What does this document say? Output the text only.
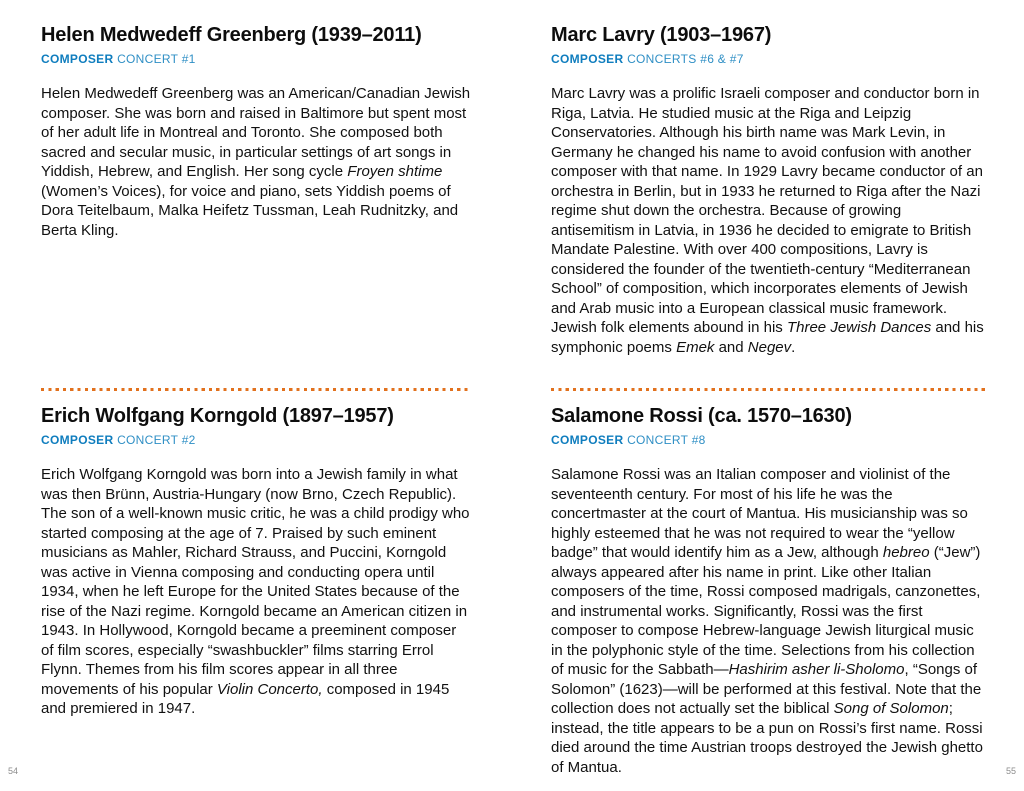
Helen Medwedeff Greenberg (1939–2011)
COMPOSER CONCERT #1

Helen Medwedeff Greenberg was an American/Canadian Jewish composer. She was born and raised in Baltimore but spent most of her adult life in Montreal and Toronto. She composed both sacred and secular music, in particular settings of art songs in Yiddish, Hebrew, and English. Her song cycle Froyen shtime (Women’s Voices), for voice and piano, sets Yiddish poems of Dora Teitelbaum, Malka Heifetz Tussman, Leah Rudnitzky, and Berta Kling.

Erich Wolfgang Korngold (1897–1957)
COMPOSER CONCERT #2

Erich Wolfgang Korngold was born into a Jewish family in what was then Brünn, Austria-Hungary (now Brno, Czech Republic). The son of a well-known music critic, he was a child prodigy who started composing at the age of 7. Praised by such eminent musicians as Mahler, Richard Strauss, and Puccini, Korngold was active in Vienna composing and conducting opera until 1934, when he left Europe for the United States because of the rise of the Nazi regime. Korngold became an American citizen in 1943. In Hollywood, Korngold became a preeminent composer of film scores, especially “swashbuckler” films starring Errol Flynn. Themes from his film scores appear in all three movements of his popular Violin Concerto, composed in 1945 and premiered in 1947.

Marc Lavry (1903–1967)
COMPOSER CONCERTS #6 & #7

Marc Lavry was a prolific Israeli composer and conductor born in Riga, Latvia. He studied music at the Riga and Leipzig Conservatories. Although his birth name was Mark Levin, in Germany he changed his name to avoid confusion with another composer with that name. In 1929 Lavry became conductor of an orchestra in Berlin, but in 1933 he returned to Riga after the Nazi regime shut down the orchestra. Because of growing antisemitism in Latvia, in 1936 he decided to emigrate to British Mandate Palestine. With over 400 compositions, Lavry is considered the founder of the twentieth-century “Mediterranean School” of composition, which incorporates elements of Jewish and Arab music into a European classical music framework. Jewish folk elements abound in his Three Jewish Dances and his symphonic poems Emek and Negev.

Salamone Rossi (ca. 1570–1630)
COMPOSER CONCERT #8

Salamone Rossi was an Italian composer and violinist of the seventeenth century. For most of his life he was the concertmaster at the court of Mantua. His musicianship was so highly esteemed that he was not required to wear the “yellow badge” that would identify him as a Jew, although hebreo (“Jew”) always appeared after his name in print. Like other Italian composers of the time, Rossi composed madrigals, canzonettes, and instrumental works. Significantly, Rossi was the first composer to compose Hebrew-language Jewish liturgical music in the polyphonic style of the time. Selections from his collection of music for the Sabbath—Hashirim asher li-Sholomo, “Songs of Solomon” (1623)—will be performed at this festival. Note that the collection does not actually set the biblical Song of Solomon; instead, the title appears to be a pun on Rossi’s first name. Rossi died around the time Austrian troops destroyed the Jewish ghetto of Mantua.

54	55
